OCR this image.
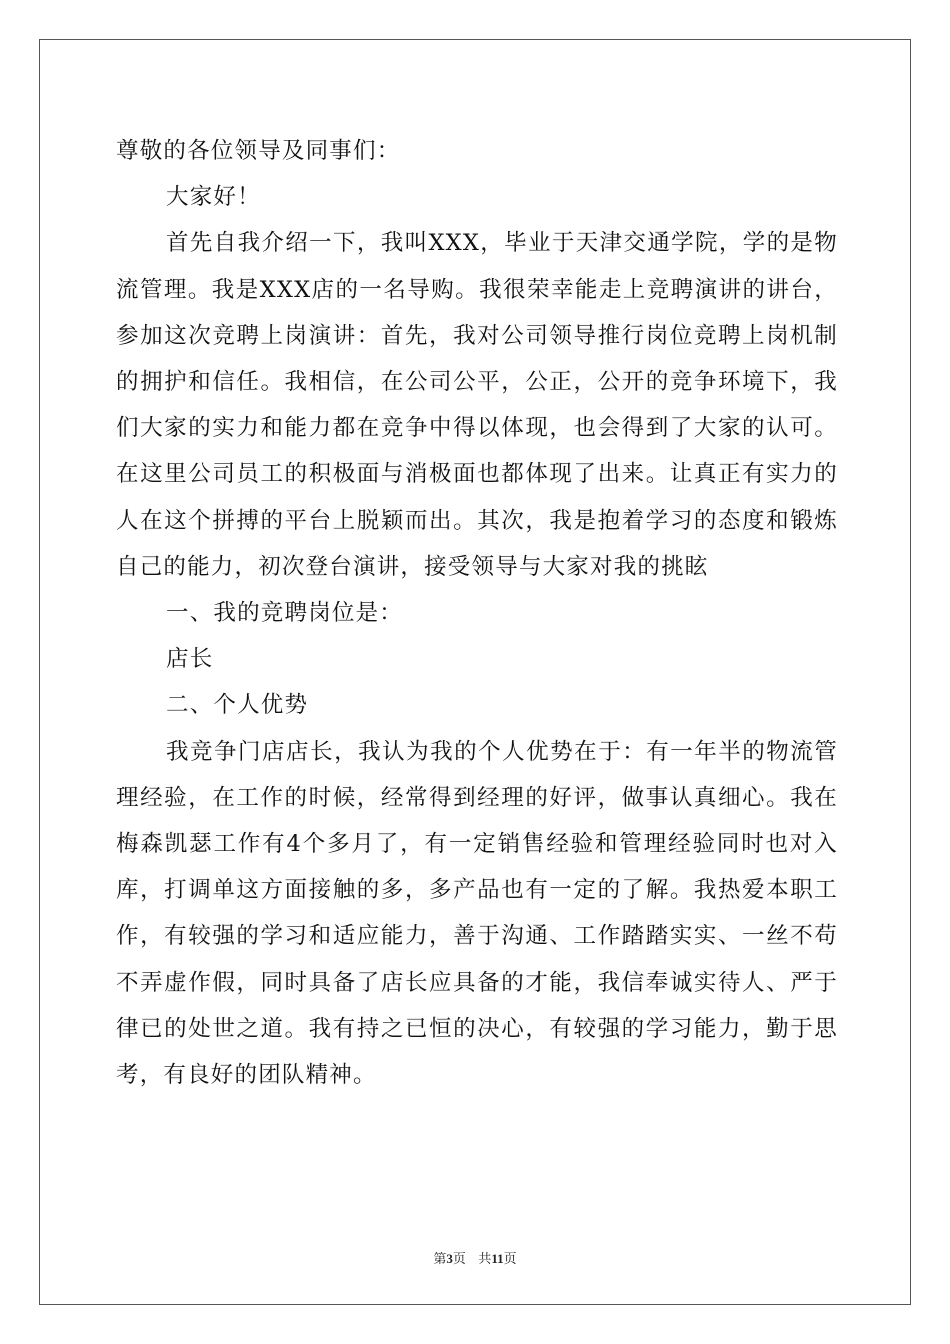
尊敬的各位领导及同事们：

大家好！

首先自我介绍一下，我叫XXX，毕业于天津交通学院，学的是物流管理。我是XXX店的一名导购。我很荣幸能走上竞聘演讲的讲台，参加这次竞聘上岗演讲：首先，我对公司领导推行岗位竞聘上岗机制的拥护和信任。我相信，在公司公平，公正，公开的竞争环境下，我们大家的实力和能力都在竞争中得以体现，也会得到了大家的认可。在这里公司员工的积极面与消极面也都体现了出来。让真正有实力的人在这个拼搏的平台上脱颖而出。其次，我是抱着学习的态度和锻炼自己的能力，初次登台演讲，接受领导与大家对我的挑眩

一、我的竞聘岗位是：

店长

二、个人优势

我竞争门店店长，我认为我的个人优势在于：有一年半的物流管理经验，在工作的时候，经常得到经理的好评，做事认真细心。我在梅森凯瑟工作有4个多月了，有一定销售经验和管理经验同时也对入库，打调单这方面接触的多，多产品也有一定的了解。我热爱本职工作，有较强的学习和适应能力，善于沟通、工作踏踏实实、一丝不苟不弄虚作假，同时具备了店长应具备的才能，我信奉诚实待人、严于律已的处世之道。我有持之已恒的决心，有较强的学习能力，勤于思考，有良好的团队精神。

第3页 共11页
